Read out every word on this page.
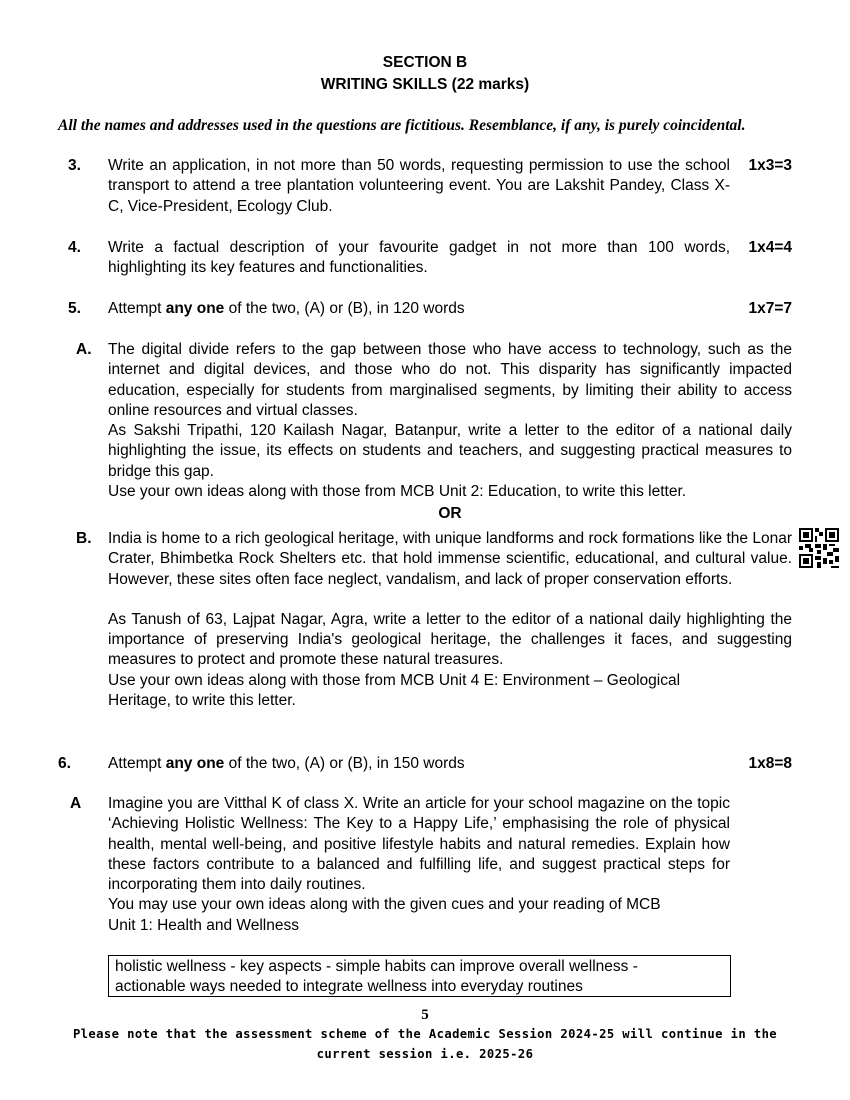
SECTION B
WRITING SKILLS (22 marks)
All the names and addresses used in the questions are fictitious. Resemblance, if any, is purely coincidental.
3. Write an application, in not more than 50 words, requesting permission to use the school transport to attend a tree plantation volunteering event. You are Lakshit Pandey, Class X-C, Vice-President, Ecology Club.
1x3=3
4. Write a factual description of your favourite gadget in not more than 100 words, highlighting its key features and functionalities.
1x4=4
5. Attempt any one of the two, (A) or (B), in 120 words	1x7=7
A. The digital divide refers to the gap between those who have access to technology, such as the internet and digital devices, and those who do not. This disparity has significantly impacted education, especially for students from marginalised segments, by limiting their ability to access online resources and virtual classes.

As Sakshi Tripathi, 120 Kailash Nagar, Batanpur, write a letter to the editor of a national daily highlighting the issue, its effects on students and teachers, and suggesting practical measures to bridge this gap.

Use your own ideas along with those from MCB Unit 2: Education, to write this letter.

OR
B. India is home to a rich geological heritage, with unique landforms and rock formations like the Lonar Crater, Bhimbetka Rock Shelters etc. that hold immense scientific, educational, and cultural value. However, these sites often face neglect, vandalism, and lack of proper conservation efforts.

As Tanush of 63, Lajpat Nagar, Agra, write a letter to the editor of a national daily highlighting the importance of preserving India's geological heritage, the challenges it faces, and suggesting measures to protect and promote these natural treasures.

Use your own ideas along with those from MCB Unit 4 E: Environment – Geological

Heritage, to write this letter.

6. Attempt any one of the two, (A) or (B), in 150 words	1x8=8
A Imagine you are Vitthal K of class X. Write an article for your school magazine on the topic ‘Achieving Holistic Wellness: The Key to a Happy Life,’ emphasising the role of physical health, mental well-being, and positive lifestyle habits and natural remedies. Explain how these factors contribute to a balanced and fulfilling life, and suggest practical steps for incorporating them into daily routines.

You may use your own ideas along with the given cues and your reading of MCB

Unit 1: Health and Wellness

holistic wellness - key aspects - simple habits can improve overall wellness -
actionable ways needed to integrate wellness into everyday routines
5
Please note that the assessment scheme of the Academic Session 2024-25 will continue in the
current session i.e. 2025-26
